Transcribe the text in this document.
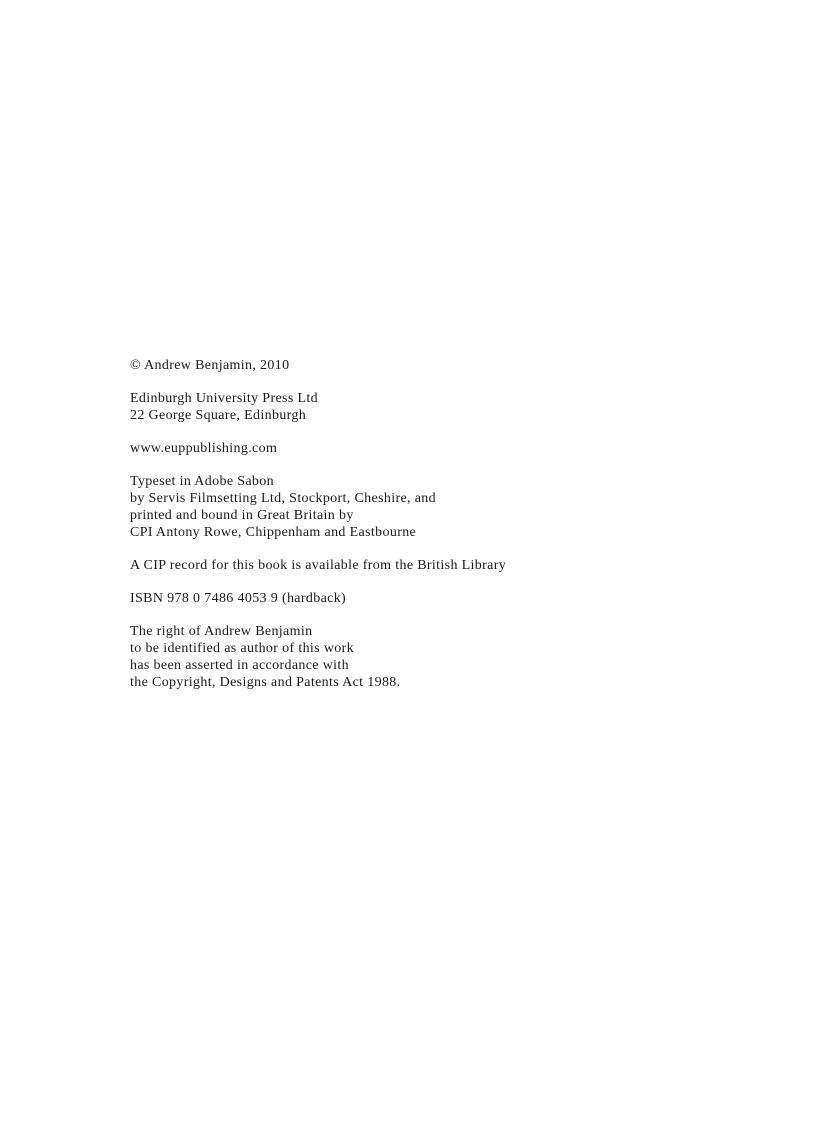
© Andrew Benjamin, 2010
Edinburgh University Press Ltd
22 George Square, Edinburgh
www.euppublishing.com
Typeset in Adobe Sabon
by Servis Filmsetting Ltd, Stockport, Cheshire, and
printed and bound in Great Britain by
CPI Antony Rowe, Chippenham and Eastbourne
A CIP record for this book is available from the British Library
ISBN 978 0 7486 4053 9 (hardback)
The right of Andrew Benjamin
to be identified as author of this work
has been asserted in accordance with
the Copyright, Designs and Patents Act 1988.
